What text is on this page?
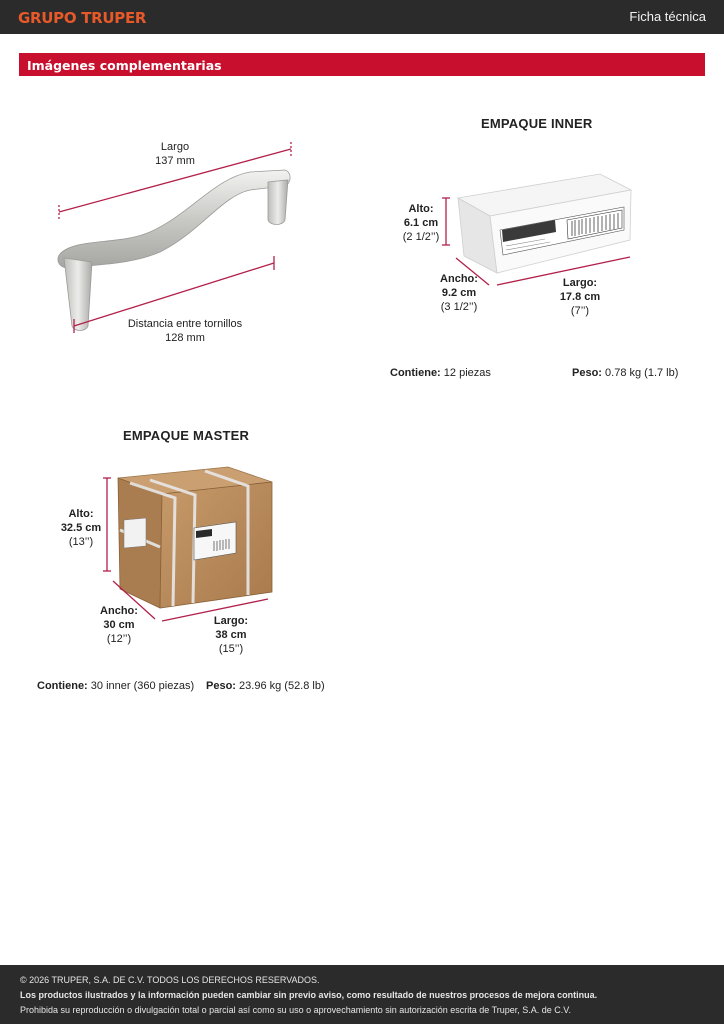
GRUPO TRUPER	Ficha técnica
Imágenes complementarias
Largo
137 mm
Distancia entre tornillos
128 mm
EMPAQUE INNER
Alto:
6.1 cm
(2 1/2’’)
Ancho:
9.2 cm
(3 1/2’’)
Largo:
17.8 cm
(7’’)
Contiene: 12 piezas	Peso: 0.78 kg (1.7 lb)
EMPAQUE MASTER
Alto:
32.5 cm
(13’’)
Ancho:
30 cm
(12’’)
Largo:
38 cm
(15’’)
Contiene: 30 inner (360 piezas) Peso: 23.96 kg (52.8 lb)
© 2026 TRUPER, S.A. DE C.V. TODOS LOS DERECHOS RESERVADOS.
Los productos ilustrados y la información pueden cambiar sin previo aviso, como resultado de nuestros procesos de mejora continua.
Prohibida su reproducción o divulgación total o parcial así como su uso o aprovechamiento sin autorización escrita de Truper, S.A. de C.V.
